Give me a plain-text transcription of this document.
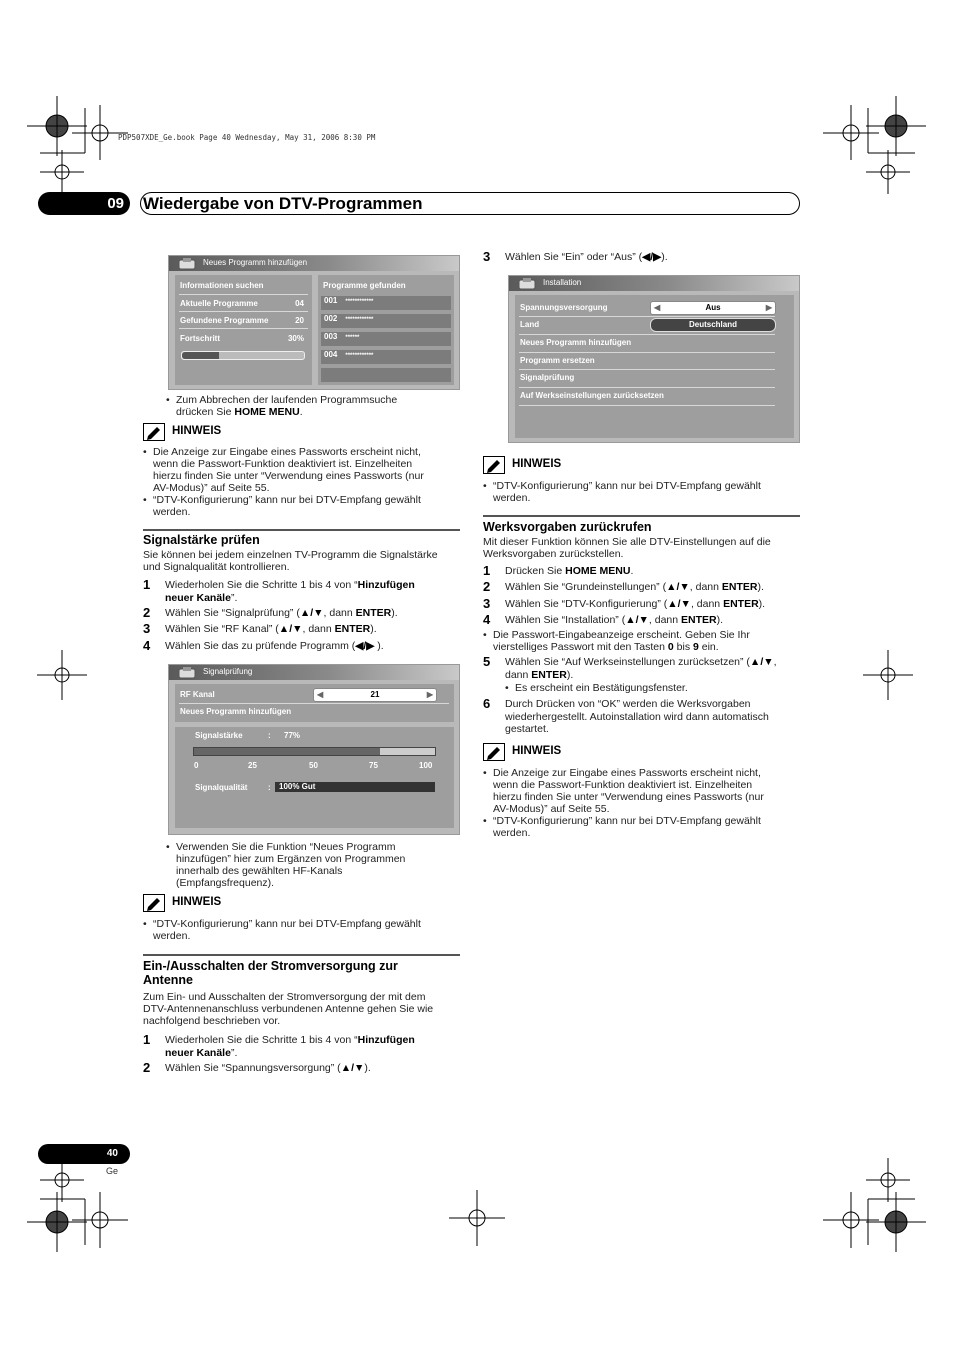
PDP507XDE_Ge.book Page 40 Wednesday, May 31, 2006 8:30 PM
09	Wiedergabe von DTV-Programmen
Neues Programm hinzufügen
Informationen suchen
Aktuelle Programme	04
Gefundene Programme	20
Fortschritt	30%
Programme gefunden
001 ************
002 ************
003 ******
004 ************
• Zum Abbrechen der laufenden Programmsuche
drücken Sie HOME MENU.
HINWEIS
• Die Anzeige zur Eingabe eines Passworts erscheint nicht,
wenn die Passwort-Funktion deaktiviert ist. Einzelheiten
hierzu finden Sie unter “Verwendung eines Passworts (nur
AV-Modus)” auf Seite 55.
• “DTV-Konfigurierung” kann nur bei DTV-Empfang gewählt
werden.
Signalstärke prüfen
Sie können bei jedem einzelnen TV-Programm die Signalstärke
und Signalqualität kontrollieren.
1 Wiederholen Sie die Schritte 1 bis 4 von “Hinzufügen
neuer Kanäle”.
2 Wählen Sie “Signalprüfung” (▲/▼, dann ENTER).
3 Wählen Sie “RF Kanal” (▲/▼, dann ENTER).
4 Wählen Sie das zu prüfende Programm (◀/▶ ).
Signalprüfung
RF Kanal	◀	21	▶
Neues Programm hinzufügen
Signalstärke	: 77%
0	25	50	75	100
Signalqualität	:	100% Gut
• Verwenden Sie die Funktion “Neues Programm
hinzufügen” hier zum Ergänzen von Programmen
innerhalb des gewählten HF-Kanals
(Empfangsfrequenz).
HINWEIS
• “DTV-Konfigurierung” kann nur bei DTV-Empfang gewählt
werden.
Ein-/Ausschalten der Stromversorgung zur
Antenne
Zum Ein- und Ausschalten der Stromversorgung der mit dem
DTV-Antennenanschluss verbundenen Antenne gehen Sie wie
nachfolgend beschrieben vor.
1 Wiederholen Sie die Schritte 1 bis 4 von “Hinzufügen
neuer Kanäle”.
2 Wählen Sie “Spannungsversorgung” (▲/▼).
3 Wählen Sie “Ein” oder “Aus” (◀/▶).
Installation
Spannungsversorgung	◀	Aus	▶
Land	Deutschland
Neues Programm hinzufügen
Programm ersetzen
Signalprüfung
Auf Werkseinstellungen zurücksetzen
HINWEIS
• “DTV-Konfigurierung” kann nur bei DTV-Empfang gewählt
werden.
Werksvorgaben zurückrufen
Mit dieser Funktion können Sie alle DTV-Einstellungen auf die
Werksvorgaben zurückstellen.
1 Drücken Sie HOME MENU.
2 Wählen Sie “Grundeinstellungen” (▲/▼, dann ENTER).
3 Wählen Sie “DTV-Konfigurierung” (▲/▼, dann ENTER).
4 Wählen Sie “Installation” (▲/▼, dann ENTER).
• Die Passwort-Eingabeanzeige erscheint. Geben Sie Ihr
vierstelliges Passwort mit den Tasten 0 bis 9 ein.
5 Wählen Sie “Auf Werkseinstellungen zurücksetzen” (▲/▼,
dann ENTER).
• Es erscheint ein Bestätigungsfenster.
6 Durch Drücken von “OK” werden die Werksvorgaben
wiederhergestellt. Autoinstallation wird dann automatisch
gestartet.
HINWEIS
• Die Anzeige zur Eingabe eines Passworts erscheint nicht,
wenn die Passwort-Funktion deaktiviert ist. Einzelheiten
hierzu finden Sie unter “Verwendung eines Passworts (nur
AV-Modus)” auf Seite 55.
• “DTV-Konfigurierung” kann nur bei DTV-Empfang gewählt
werden.
40
Ge
